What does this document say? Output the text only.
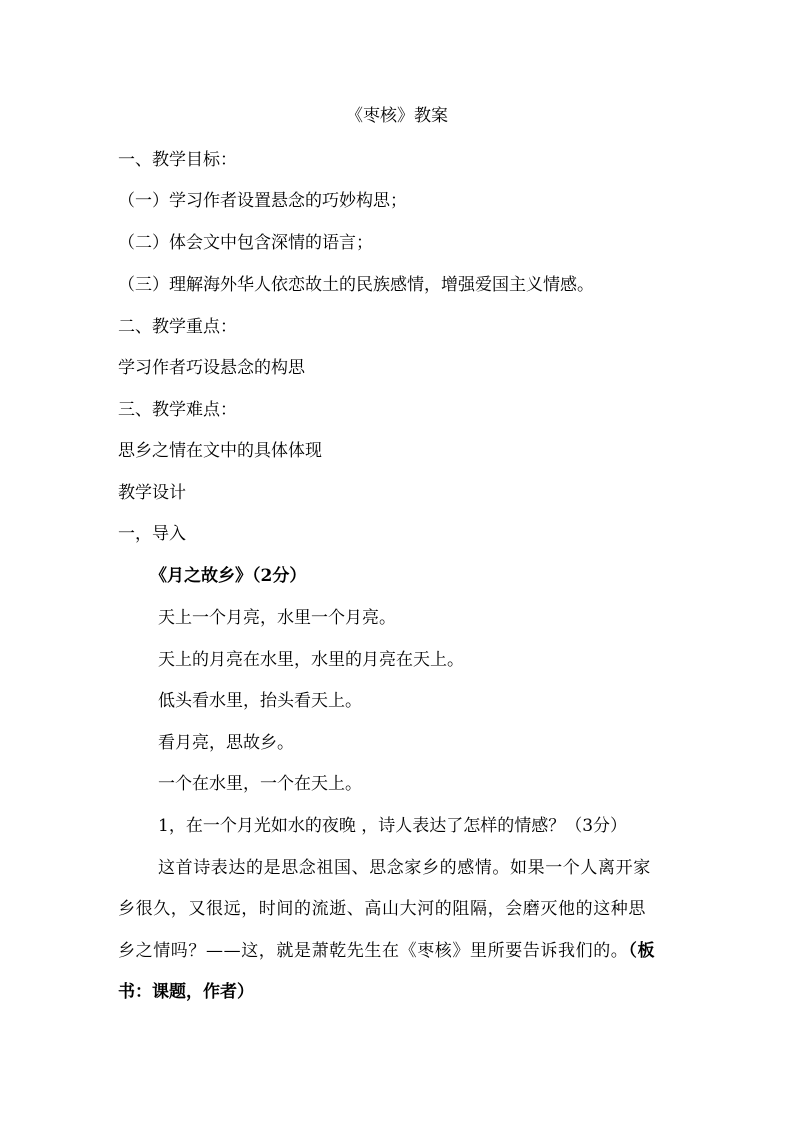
《枣核》教案
一、教学目标：
（一）学习作者设置悬念的巧妙构思；
（二）体会文中包含深情的语言；
（三）理解海外华人依恋故土的民族感情，增强爱国主义情感。
二、教学重点：
学习作者巧设悬念的构思
三、教学难点：
思乡之情在文中的具体体现
教学设计
一，导入
《月之故乡》（2分）
天上一个月亮，水里一个月亮。
天上的月亮在水里，水里的月亮在天上。
低头看水里，抬头看天上。
看月亮，思故乡。
一个在水里，一个在天上。
1，在一个月光如水的夜晚 ，诗人表达了怎样的情感？（3分）
这首诗表达的是思念祖国、思念家乡的感情。如果一个人离开家
乡很久，又很远，时间的流逝、高山大河的阻隔，会磨灭他的这种思
乡之情吗？——这，就是萧乾先生在《枣核》里所要告诉我们的。（板
书：课题，作者）
